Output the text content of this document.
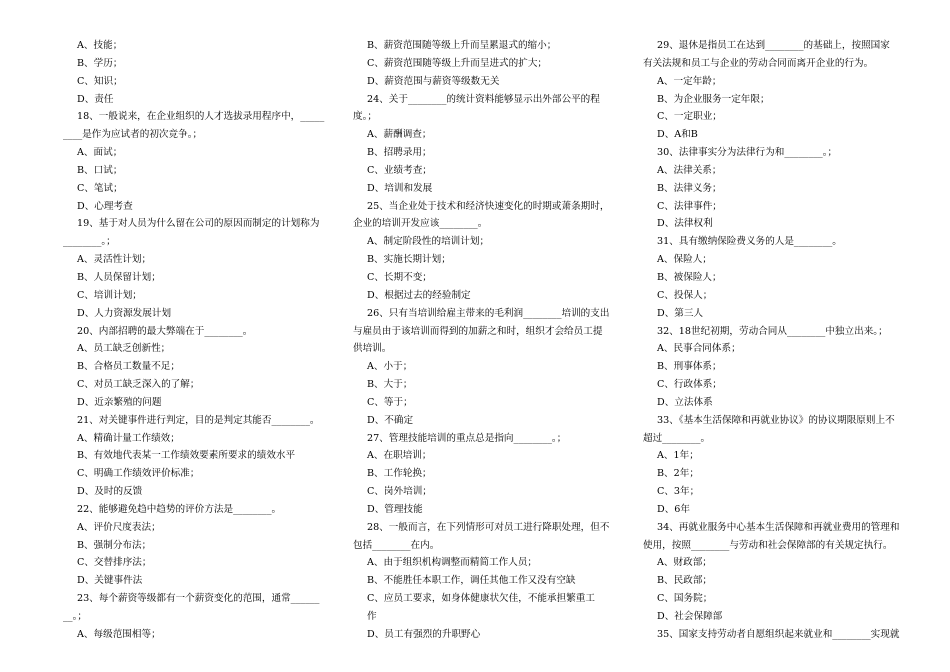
A、技能；
B、学历；
C、知识；
D、责任
18、一般说来，在企业组织的人才选拔录用程序中，_____
____是作为应试者的初次竞争。；
A、面试；
B、口试；
C、笔试；
D、心理考查
19、基于对人员为什么留在公司的原因而制定的计划称为
________。；
A、灵活性计划；
B、人员保留计划；
C、培训计划；
D、人力资源发展计划
20、内部招聘的最大弊端在于________。
A、员工缺乏创新性；
B、合格员工数量不足；
C、对员工缺乏深入的了解；
D、近亲繁殖的问题
21、对关键事件进行判定，目的是判定其能否________。
A、精确计量工作绩效；
B、有效地代表某一工作绩效要素所要求的绩效水平
C、明确工作绩效评价标准；
D、及时的反馈
22、能够避免趋中趋势的评价方法是________。
A、评价尺度表法；
B、强制分布法；
C、交替排序法；
D、关键事件法
23、每个薪资等级都有一个薪资变化的范围，通常______
__。；
A、每级范围相等；
B、薪资范围随等级上升而呈累退式的缩小；
C、薪资范围随等级上升而呈进式的扩大；
D、薪资范围与薪资等级数无关
24、关于________的统计资料能够显示出外部公平的程
度。；
A、薪酬调查；
B、招聘录用；
C、业绩考查；
D、培训和发展
25、当企业处于技术和经济快速变化的时期或萧条期时，
企业的培训开发应该________。
A、制定阶段性的培训计划；
B、实施长期计划；
C、长期不变；
D、根据过去的经验制定
26、只有当培训给雇主带来的毛利润________培训的支出
与雇员由于该培训而得到的加薪之和时，组织才会给员工提
供培训。
A、小于；
B、大于；
C、等于；
D、不确定
27、管理技能培训的重点总是指向________。；
A、在职培训；
B、工作轮换；
C、岗外培训；
D、管理技能
28、一般而言，在下列情形可对员工进行降职处理，但不
包括________在内。
A、由于组织机构调整而精简工作人员；
B、不能胜任本职工作，调任其他工作又没有空缺
C、应员工要求，如身体健康状欠佳，不能承担繁重工
作
D、员工有强烈的升职野心
29、退休是指员工在达到________的基础上，按照国家
有关法规和员工与企业的劳动合同而离开企业的行为。
A、一定年龄；
B、为企业服务一定年限；
C、一定职业；
D、A和B
30、法律事实分为法律行为和________。；
A、法律关系；
B、法律义务；
C、法律事件；
D、法律权利
31、具有缴纳保险费义务的人是________。
A、保险人；
B、被保险人；
C、投保人；
D、第三人
32、18世纪初期，劳动合同从________中独立出来。；
A、民事合同体系；
B、刑事体系；
C、行政体系；
D、立法体系
33、《基本生活保障和再就业协议》的协议期限原则上不
超过________。
A、1年；
B、2年；
C、3年；
D、6年
34、再就业服务中心基本生活保障和再就业费用的管理和
使用，按照________与劳动和社会保障部的有关规定执行。
A、财政部；
B、民政部；
C、国务院；
D、社会保障部
35、国家支持劳动者自愿组织起来就业和________实现就
